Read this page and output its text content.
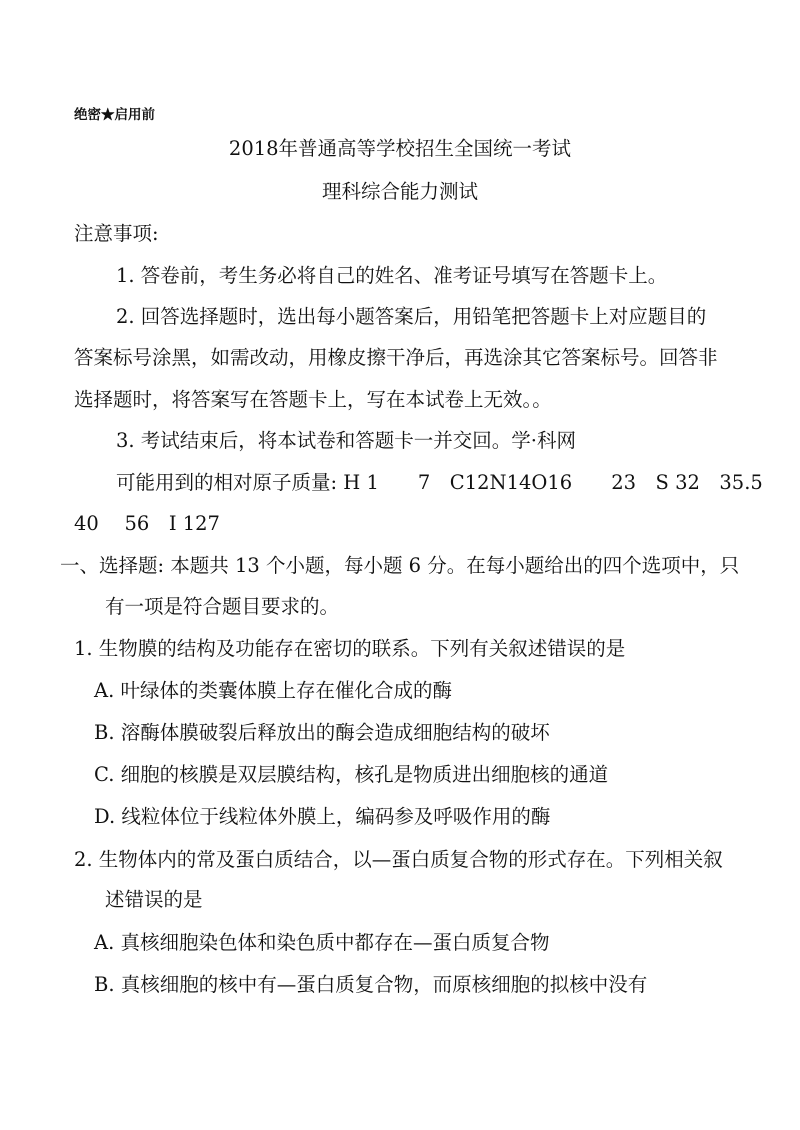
绝密★启用前
2018年普通高等学校招生全国统一考试
理科综合能力测试
注意事项:
1. 答卷前，考生务必将自己的姓名、准考证号填写在答题卡上。
2. 回答选择题时，选出每小题答案后，用铅笔把答题卡上对应题目的
答案标号涂黑，如需改动，用橡皮擦干净后，再选涂其它答案标号。回答非
选择题时，将答案写在答题卡上，写在本试卷上无效。。
3. 考试结束后，将本试卷和答题卡一并交回。学·科网
可能用到的相对原子质量: H 1　　7　C12N14O16　　23　S 32　35.5
40　 56　I 127
一、选择题: 本题共 13 个小题，每小题 6 分。在每小题给出的四个选项中，只
有一项是符合题目要求的。
1. 生物膜的结构及功能存在密切的联系。下列有关叙述错误的是
A. 叶绿体的类囊体膜上存在催化合成的酶
B. 溶酶体膜破裂后释放出的酶会造成细胞结构的破坏
C. 细胞的核膜是双层膜结构，核孔是物质进出细胞核的通道
D. 线粒体位于线粒体外膜上，编码参及呼吸作用的酶
2. 生物体内的常及蛋白质结合，以—蛋白质复合物的形式存在。下列相关叙
述错误的是
A. 真核细胞染色体和染色质中都存在—蛋白质复合物
B. 真核细胞的核中有—蛋白质复合物，而原核细胞的拟核中没有
